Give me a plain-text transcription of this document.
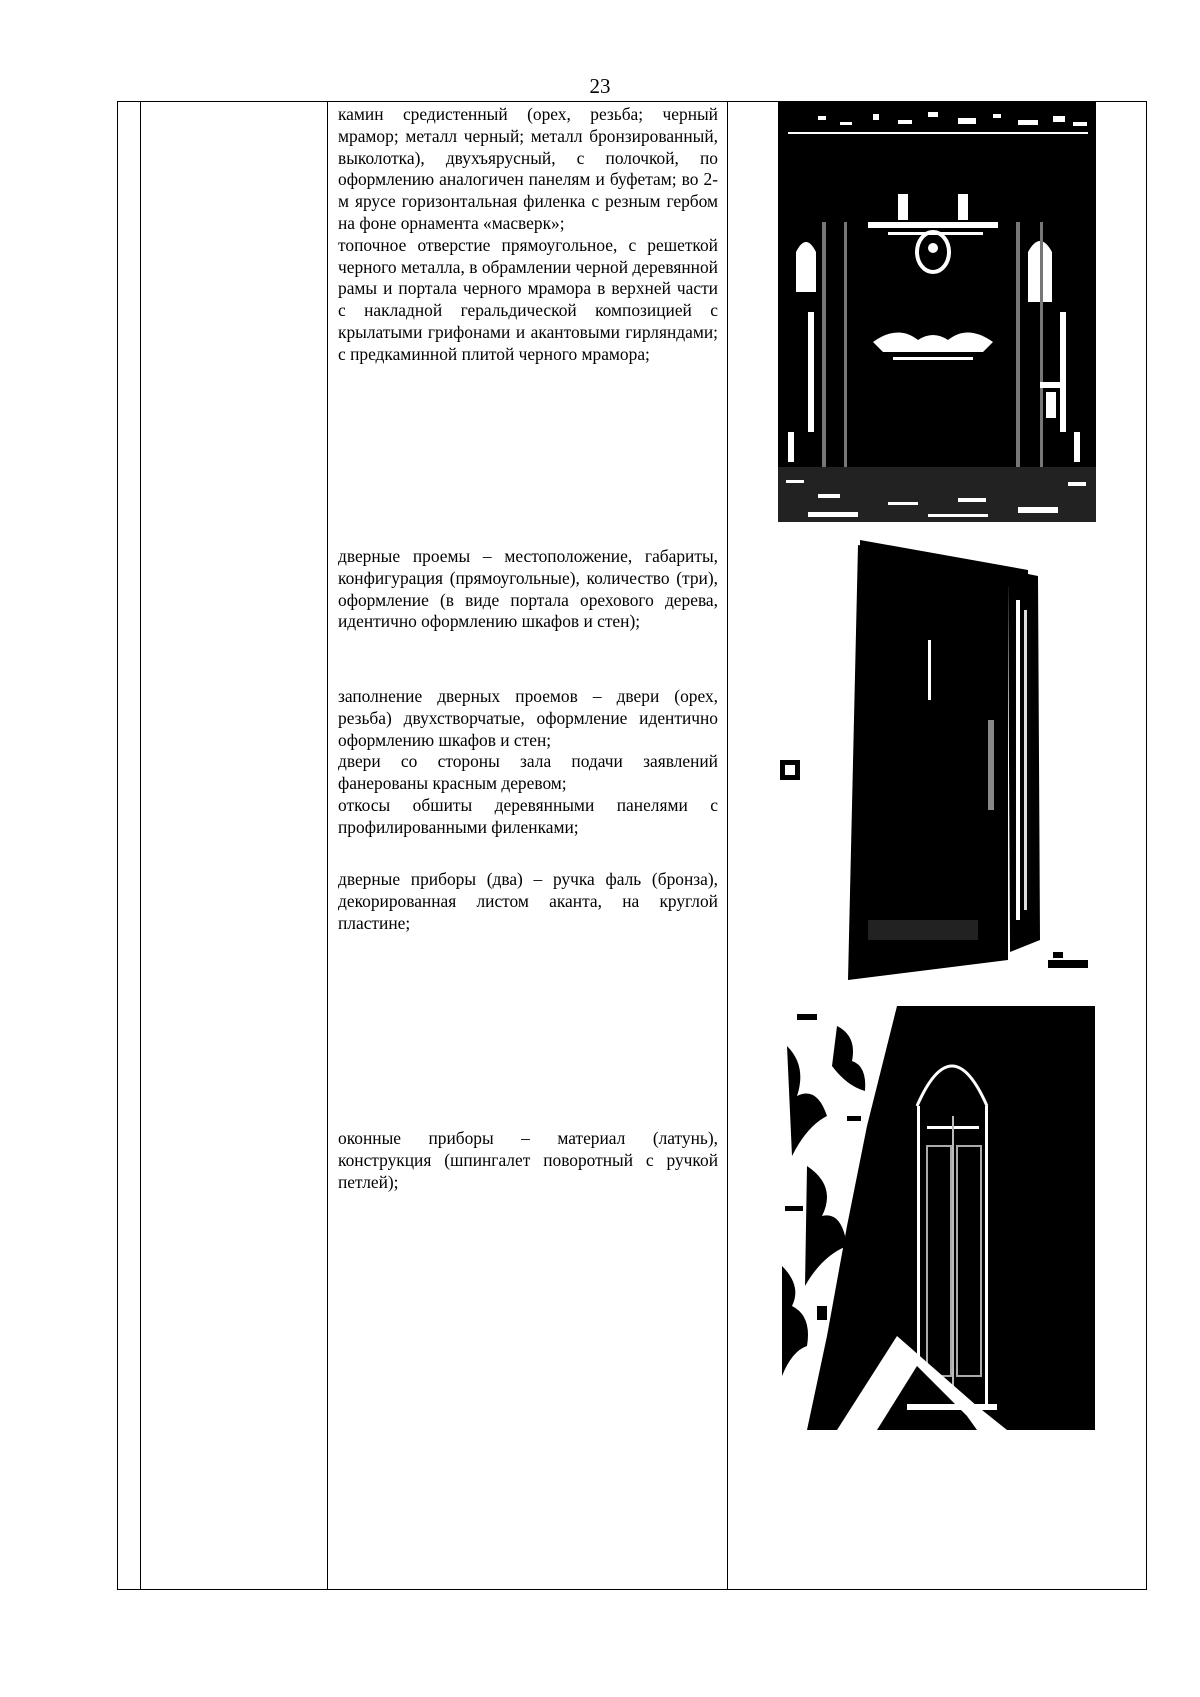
23

камин средистенный (орех, резьба; черный мрамор; металл черный; металл бронзированный, выколотка), двухъярусный, с полочкой, по оформлению аналогичен панелям и буфетам; во 2-м ярусе горизонтальная филенка с резным гербом на фоне орнамента «масверк»;

топочное отверстие прямоугольное, с решеткой черного металла, в обрамлении черной деревянной рамы и портала черного мрамора в верхней части с накладной геральдической композицией с крылатыми грифонами и акантовыми гирляндами; с предкаминной плитой черного мрамора;

дверные проемы – местоположение, габариты, конфигурация (прямоугольные), количество (три), оформление (в виде портала орехового дерева, идентично оформлению шкафов и стен);

заполнение дверных проемов – двери (орех, резьба) двухстворчатые, оформление идентично оформлению шкафов и стен;

двери со стороны зала подачи заявлений фанерованы красным деревом;

откосы обшиты деревянными панелями с профилированными филенками;

дверные приборы (два) – ручка фаль (бронза), декорированная листом аканта, на круглой пластине;

оконные приборы – материал (латунь), конструкция (шпингалет поворотный с ручкой петлей);
